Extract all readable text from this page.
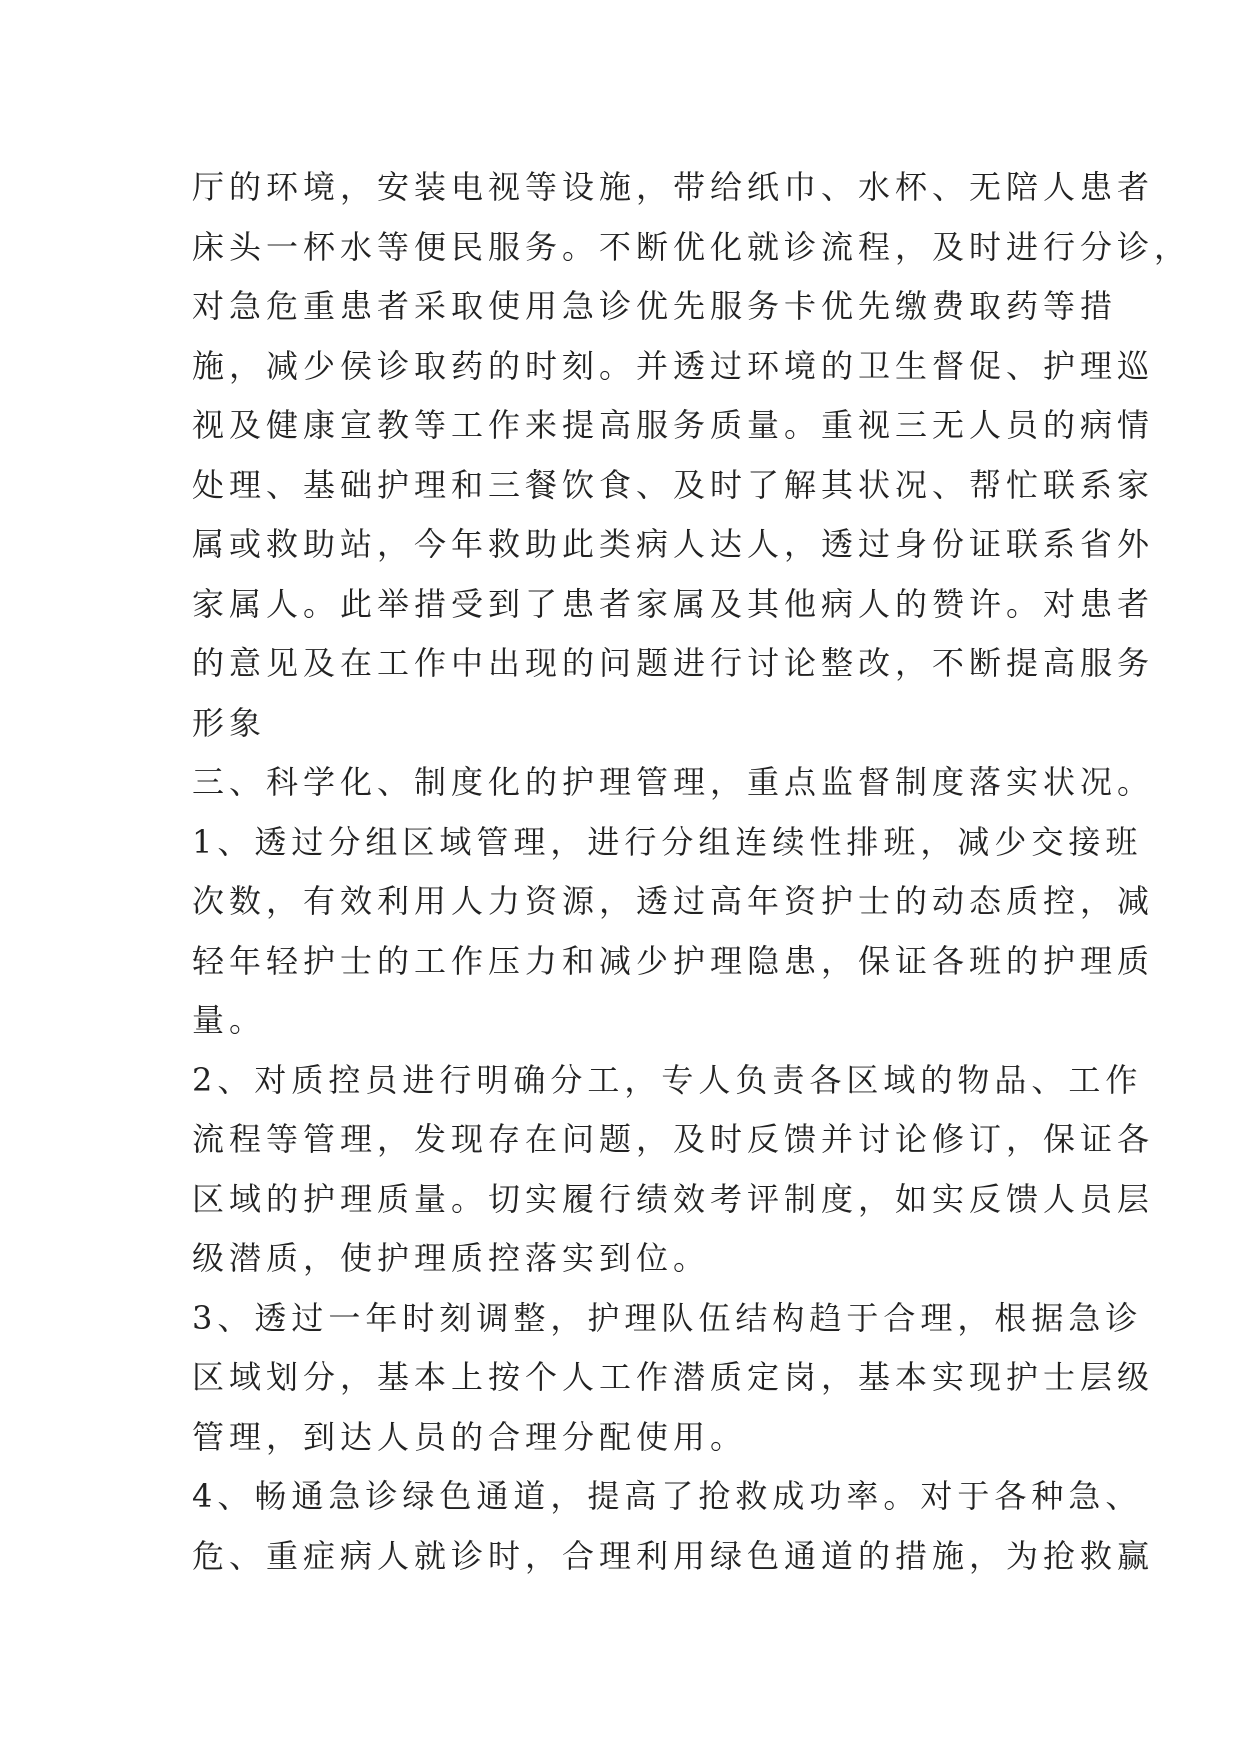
厅的环境，安装电视等设施，带给纸巾、水杯、无陪人患者
床头一杯水等便民服务。不断优化就诊流程，及时进行分诊，
对急危重患者采取使用急诊优先服务卡优先缴费取药等措
施，减少侯诊取药的时刻。并透过环境的卫生督促、护理巡
视及健康宣教等工作来提高服务质量。重视三无人员的病情
处理、基础护理和三餐饮食、及时了解其状况、帮忙联系家
属或救助站，今年救助此类病人达人，透过身份证联系省外
家属人。此举措受到了患者家属及其他病人的赞许。对患者
的意见及在工作中出现的问题进行讨论整改，不断提高服务
形象
三、科学化、制度化的护理管理，重点监督制度落实状况。
1、透过分组区域管理，进行分组连续性排班，减少交接班
次数，有效利用人力资源，透过高年资护士的动态质控，减
轻年轻护士的工作压力和减少护理隐患，保证各班的护理质
量。
2、对质控员进行明确分工，专人负责各区域的物品、工作
流程等管理，发现存在问题，及时反馈并讨论修订，保证各
区域的护理质量。切实履行绩效考评制度，如实反馈人员层
级潜质，使护理质控落实到位。
3、透过一年时刻调整，护理队伍结构趋于合理，根据急诊
区域划分，基本上按个人工作潜质定岗，基本实现护士层级
管理，到达人员的合理分配使用。
4、畅通急诊绿色通道，提高了抢救成功率。对于各种急、
危、重症病人就诊时，合理利用绿色通道的措施，为抢救赢
